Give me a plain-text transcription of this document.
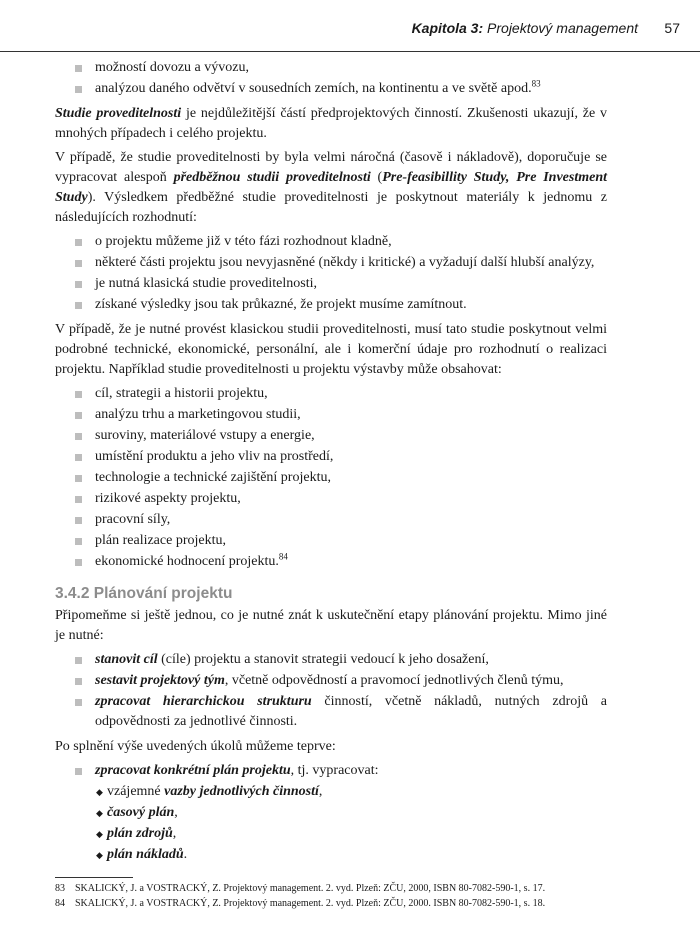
Kapitola 3: Projektový management 57
možností dovozu a vývozu,
analýzou daného odvětví v sousedních zemích, na kontinentu a ve světě apod.$^{83}$

Studie proveditelnosti je nejdůležitější částí předprojektových činností. Zkušenosti ukazují, že v mnohých případech i celého projektu.

V případě, že studie proveditelnosti by byla velmi náročná (časově i nákladově), doporučuje se vypracovat alespoň předběžnou studii proveditelnosti (Pre-feasibillity Study, Pre Investment Study). Výsledkem předběžné studie proveditelnosti je poskytnout materiály k jednomu z následujících rozhodnutí:

o projektu můžeme již v této fázi rozhodnout kladně,
některé části projektu jsou nevyjasněné (někdy i kritické) a vyžadují další hlubší analýzy,
je nutná klasická studie proveditelnosti,
získané výsledky jsou tak průkazné, že projekt musíme zamítnout.

V případě, že je nutné provést klasickou studii proveditelnosti, musí tato studie poskytnout velmi podrobné technické, ekonomické, personální, ale i komerční údaje pro rozhodnutí o realizaci projektu. Například studie proveditelnosti u projektu výstavby může obsahovat:

cíl, strategii a historii projektu,
analýzu trhu a marketingovou studii,
suroviny, materiálové vstupy a energie,
umístění produktu a jeho vliv na prostředí,
technologie a technické zajištění projektu,
rizikové aspekty projektu,
pracovní síly,
plán realizace projektu,
ekonomické hodnocení projektu.$^{84}$
3.4.2 Plánování projektu

Připomeňme si ještě jednou, co je nutné znát k uskutečnění etapy plánování projektu. Mimo jiné je nutné:

stanovit cíl (cíle) projektu a stanovit strategii vedoucí k jeho dosažení,
sestavit projektový tým, včetně odpovědností a pravomocí jednotlivých členů týmu,
zpracovat hierarchickou strukturu činností, včetně nákladů, nutných zdrojů a odpovědnosti za jednotlivé činnosti.

Po splnění výše uvedených úkolů můžeme teprve:

zpracovat konkrétní plán projektu, tj. vypracovat:
◆ vzájemné vazby jednotlivých činností,
◆ časový plán,
◆ plán zdrojů,
◆ plán nákladů.
83 SKALICKÝ, J. a VOSTRACKÝ, Z. Projektový management. 2. vyd. Plzeň: ZČU, 2000, ISBN 80-7082-590-1, s. 17.
84 SKALICKÝ, J. a VOSTRACKÝ, Z. Projektový management. 2. vyd. Plzeň: ZČU, 2000. ISBN 80-7082-590-1, s. 18.
